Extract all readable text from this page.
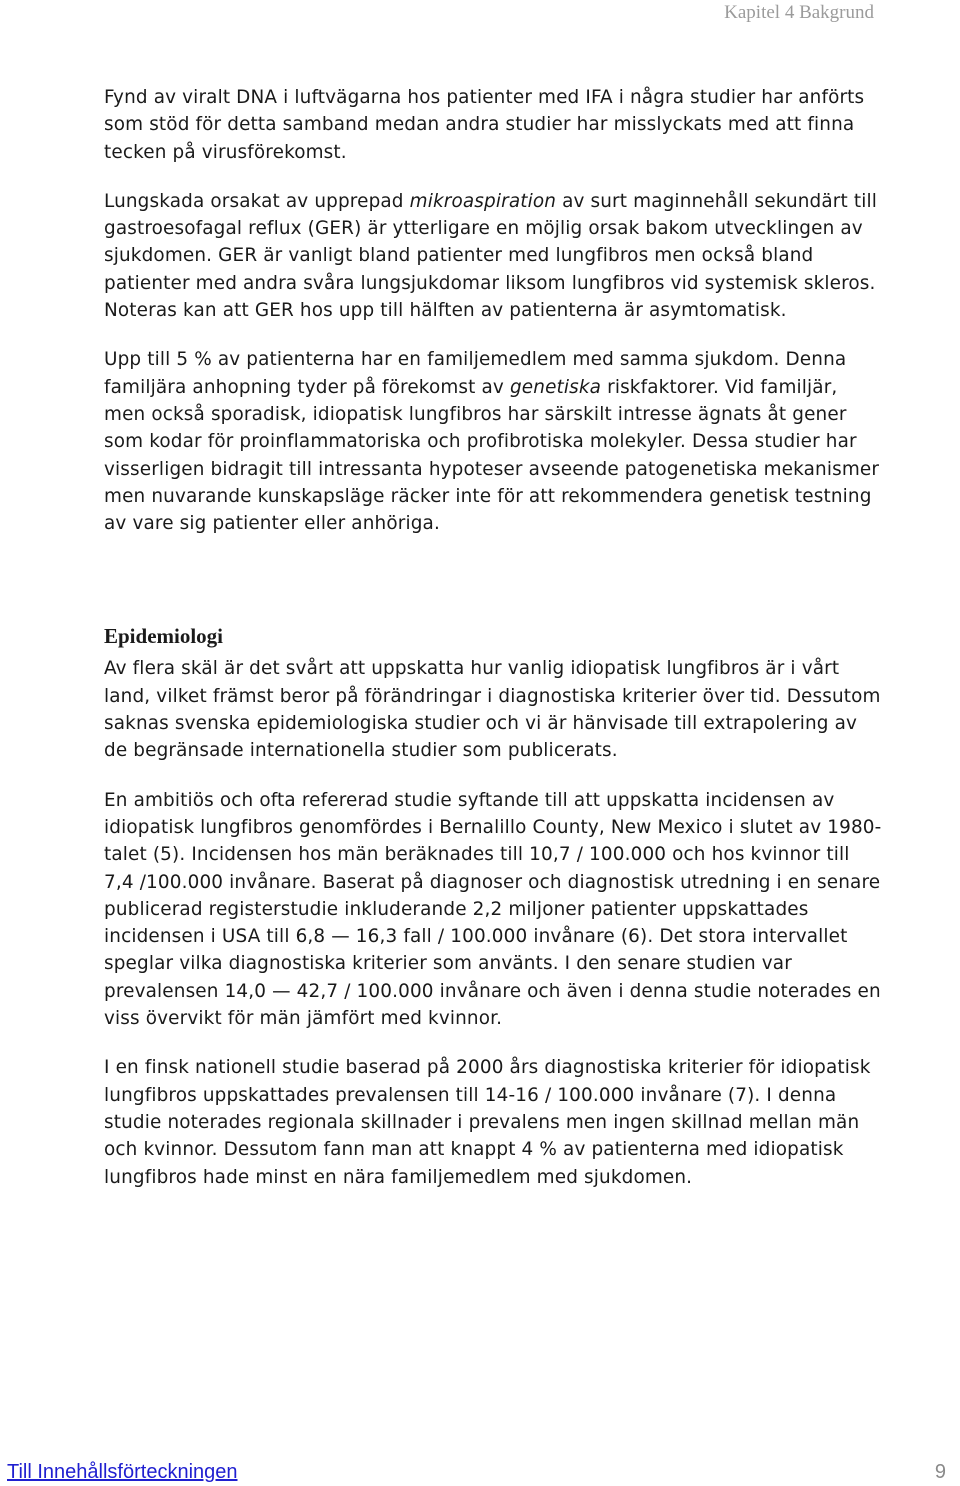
Kapitel 4 Bakgrund

Fynd av viralt DNA i luftvägarna hos patienter med IFA i några studier har anförts som stöd för detta samband medan andra studier har misslyckats med att finna tecken på virusförekomst.

Lungskada orsakat av upprepad mikroaspiration av surt maginnehåll sekundärt till gastroesofagal reflux (GER) är ytterligare en möjlig orsak bakom utvecklingen av sjukdomen. GER är vanligt bland patienter med lungfibros men också bland patienter med andra svåra lungsjukdomar liksom lungfibros vid systemisk skleros. Noteras kan att GER hos upp till hälften av patienterna är asymtomatisk.

Upp till 5 % av patienterna har en familjemedlem med samma sjukdom. Denna familjära anhopning tyder på förekomst av genetiska riskfaktorer. Vid familjär, men också sporadisk, idiopatisk lungfibros har särskilt intresse ägnats åt gener som kodar för proinflammatoriska och profibrotiska molekyler. Dessa studier har visserligen bidragit till intressanta hypoteser avseende patogenetiska mekanismer men nuvarande kunskapsläge räcker inte för att rekommendera genetisk testning av vare sig patienter eller anhöriga.

Epidemiologi

Av flera skäl är det svårt att uppskatta hur vanlig idiopatisk lungfibros är i vårt land, vilket främst beror på förändringar i diagnostiska kriterier över tid. Dessutom saknas svenska epidemiologiska studier och vi är hänvisade till extrapolering av de begränsade internationella studier som publicerats.

En ambitiös och ofta refererad studie syftande till att uppskatta incidensen av idiopatisk lungfibros genomfördes i Bernalillo County, New Mexico i slutet av 1980-talet (5). Incidensen hos män beräknades till 10,7 / 100.000 och hos kvinnor till 7,4 /100.000 invånare. Baserat på diagnoser och diagnostisk utredning i en senare publicerad registerstudie inkluderande 2,2 miljoner patienter uppskattades incidensen i USA till 6,8 — 16,3 fall / 100.000 invånare (6). Det stora intervallet speglar vilka diagnostiska kriterier som använts. I den senare studien var prevalensen 14,0 — 42,7 / 100.000 invånare och även i denna studie noterades en viss övervikt för män jämfört med kvinnor.

I en finsk nationell studie baserad på 2000 års diagnostiska kriterier för idiopatisk lungfibros uppskattades prevalensen till 14-16 / 100.000 invånare (7). I denna studie noterades regionala skillnader i prevalens men ingen skillnad mellan män och kvinnor. Dessutom fann man att knappt 4 % av patienterna med idiopatisk lungfibros hade minst en nära familjemedlem med sjukdomen.

Till Innehållsförteckningen	9
